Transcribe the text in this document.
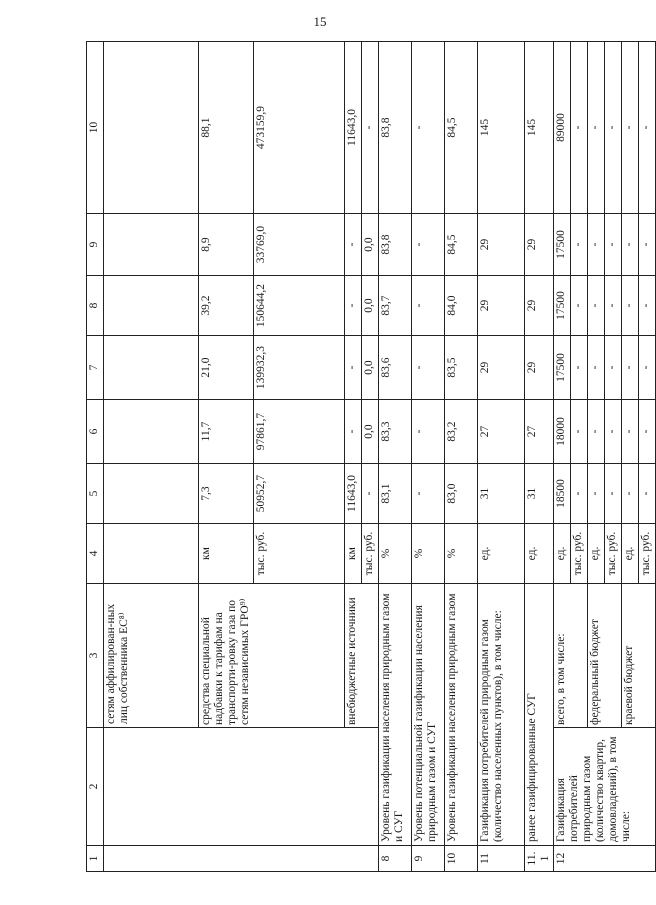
15
1	2	3	4	5	6	7	8	9	10
		сетям аффилирован-ных лиц собственника ЕС⁸⁾							
		средства специальной надбавки к тарифам на транспорти-ровку газа по сетям независимых ГРО⁹⁾	км	7,3	11,7	21,0	39,2	8,9	88,1
			тыс. руб.	50952,7	97861,7	139932,3	150644,2	33769,0	473159,9
		внебюджетные источники	км	11643,0	-	-	-	-	11643,0
			тыс. руб.	-	0,0	0,0	0,0	0,0	-
8	Уровень газификации населения природным газом и СУГ		%	83,1	83,3	83,6	83,7	83,8	83,8
9	Уровень потенциальной газификации населения природным газом и СУГ		%	-	-	-	-	-	-
10	Уровень газификации населения природным газом		%	83,0	83,2	83,5	84,0	84,5	84,5
11	Газификация потребителей природным газом (количество населенных пунктов), в том числе:		ед.	31	27	29	29	29	145
11.1	ранее газифицированные СУГ		ед.	31	27	29	29	29	145
12	Газификация потребителей природным газом (количество квартир, домовладений), в том числе:	всего, в том числе:	ед.	18500	18000	17500	17500	17500	89000
			тыс. руб.	-	-	-	-	-	-
		федеральный бюджет	ед.	-	-	-	-	-	-
			тыс. руб.	-	-	-	-	-	-
		краевой бюджет	ед.	-	-	-	-	-	-
			тыс. руб.	-	-	-	-	-	-
